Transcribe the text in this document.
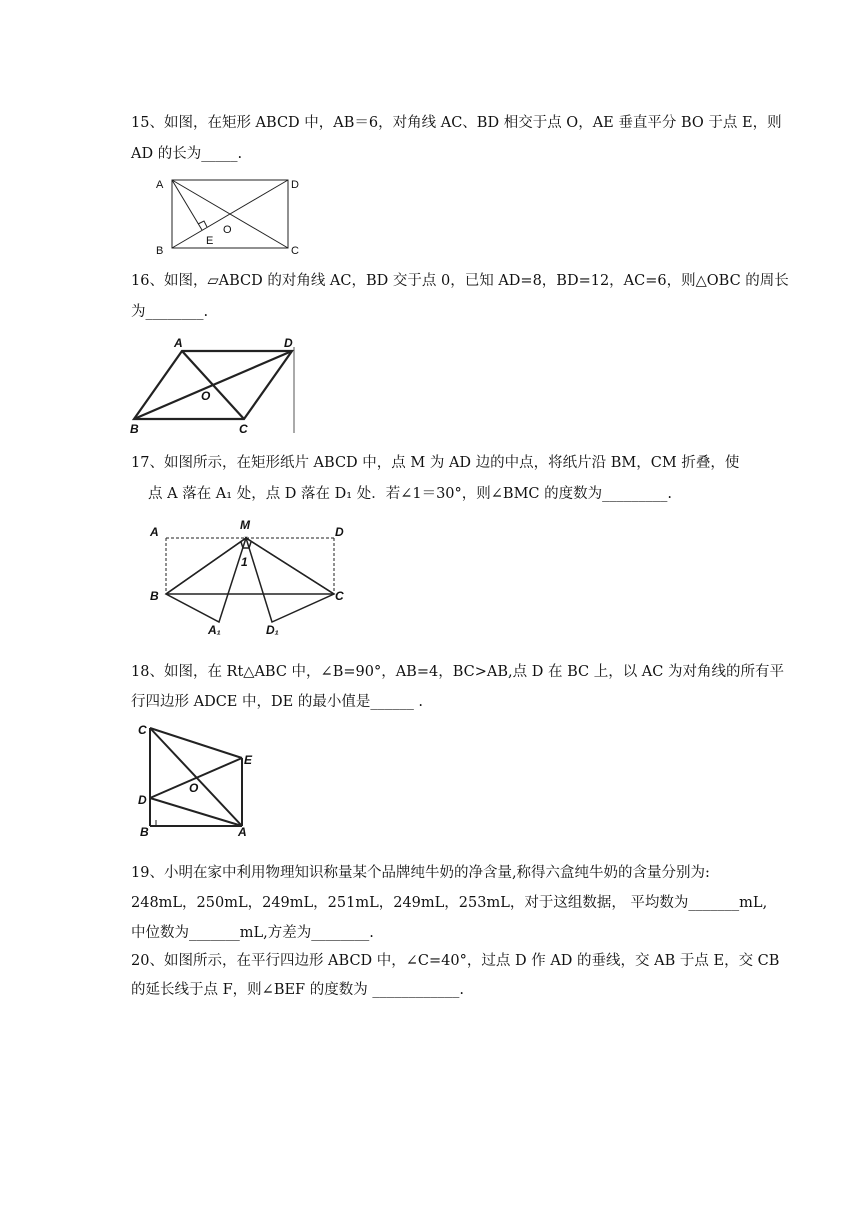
15、如图，在矩形 ABCD 中，AB＝6，对角线 AC、BD 相交于点 O，AE 垂直平分 BO 于点 E，则
AD 的长为_____.
A	D
B	C
E
O
16、如图，▱ABCD 的对角线 AC，BD 交于点 0，已知 AD=8，BD=12，AC=6，则△OBC 的周长
为________.
A	D
B	C
O
17、如图所示，在矩形纸片 ABCD 中，点 M 为 AD 边的中点，将纸片沿 BM，CM 折叠，使
点 A 落在 A₁ 处，点 D 落在 D₁ 处．若∠1＝30°，则∠BMC 的度数为_________.
A	M	D
B	C
1
A₁	D₁
18、如图，在 Rt△ABC 中，∠B=90°，AB=4，BC>AB,点 D 在 BC 上，以 AC 为对角线的所有平
行四边形 ADCE 中，DE 的最小值是______ .
C
E
D
O
B	A
19、小明在家中利用物理知识称量某个品牌纯牛奶的净含量,称得六盒纯牛奶的含量分别为:
248mL，250mL，249mL，251mL，249mL，253mL，对于这组数据， 平均数为_______mL,
中位数为_______mL,方差为________.
20、如图所示，在平行四边形 ABCD 中，∠C=40°，过点 D 作 AD 的垂线，交 AB 于点 E，交 CB
的延长线于点 F，则∠BEF 的度数为 ____________.
